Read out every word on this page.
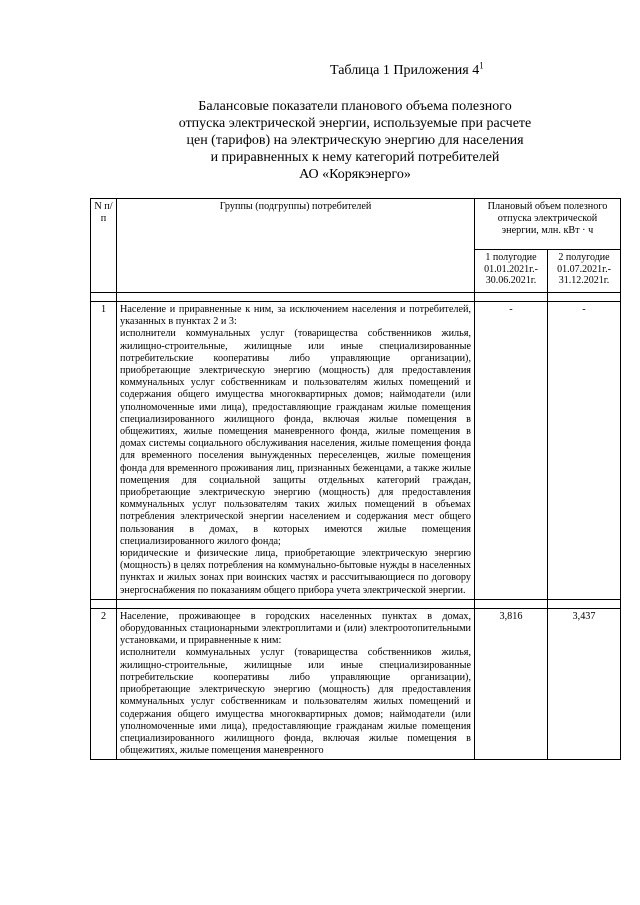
Таблица 1 Приложения $4^1$
Балансовые показатели планового объема полезного
отпуска электрической энергии, используемые при расчете
цен (тарифов) на электрическую энергию для населения
и приравненных к нему категорий потребителей
АО «Корякэнерго»
N п/п	Группы (подгруппы) потребителей	Плановый объем полезного отпуска электрической энергии, млн. кВт · ч	
		1 полугодие 01.01.2021г.- 30.06.2021г.	2 полугодие 01.07.2021г.- 31.12.2021г.

1	Население и приравненные к ним, за исключением населения и потребителей, указанных в пунктах 2 и 3:

исполнители коммунальных услуг (товарищества собственников жилья, жилищно-строительные, жилищные или иные специализированные потребительские кооперативы либо управляющие организации), приобретающие электрическую энергию (мощность) для предоставления коммунальных услуг собственникам и пользователям жилых помещений и содержания общего имущества многоквартирных домов; наймодатели (или уполномоченные ими лица), предоставляющие гражданам жилые помещения специализированного жилищного фонда, включая жилые помещения в общежитиях, жилые помещения маневренного фонда, жилые помещения в домах системы социального обслуживания населения, жилые помещения фонда для временного поселения вынужденных переселенцев, жилые помещения фонда для временного проживания лиц, признанных беженцами, а также жилые помещения для социальной защиты отдельных категорий граждан, приобретающие электрическую энергию (мощность) для предоставления коммунальных услуг пользователям таких жилых помещений в объемах потребления электрической энергии населением и содержания мест общего пользования в домах, в которых имеются жилые помещения специализированного жилого фонда;

юридические и физические лица, приобретающие электрическую энергию (мощность) в целях потребления на коммунально-бытовые нужды в населенных пунктах и жилых зонах при воинских частях и рассчитывающиеся по договору энергоснабжения по показаниям общего прибора учета электрической энергии.	-	-

2	Население, проживающее в городских населенных пунктах в домах, оборудованных стационарными электроплитами и (или) электроотопительными установками, и приравненные к ним:

исполнители коммунальных услуг (товарищества собственников жилья, жилищно-строительные, жилищные или иные специализированные потребительские кооперативы либо управляющие организации), приобретающие электрическую энергию (мощность) для предоставления коммунальных услуг собственникам и пользователям жилых помещений и содержания общего имущества многоквартирных домов; наймодатели (или уполномоченные ими лица), предоставляющие гражданам жилые помещения специализированного жилищного фонда, включая жилые помещения в общежитиях, жилые помещения маневренного	3,816	3,437
